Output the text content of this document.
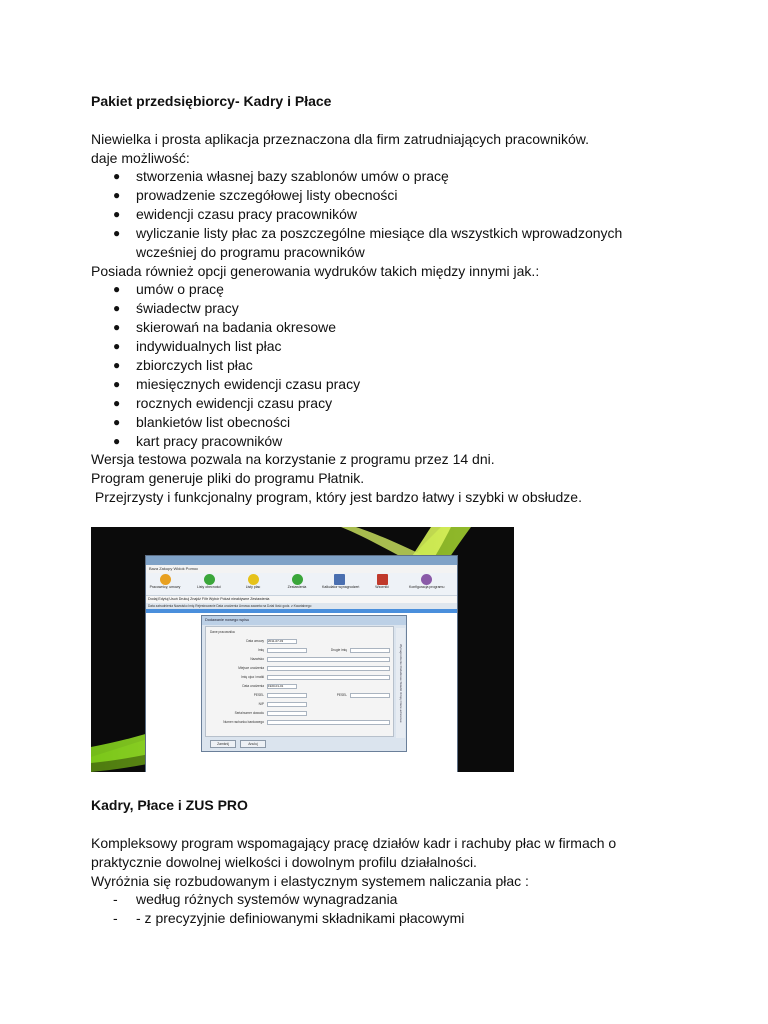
Pakiet przedsiębiorcy- Kadry i Płace
Niewielka i prosta aplikacja przeznaczona dla firm zatrudniających pracowników.
daje możliwość:
● stworzenia własnej bazy szablonów umów o pracę
● prowadzenie szczegółowej listy obecności
● ewidencji czasu pracy pracowników
● wyliczanie listy płac za poszczególne miesiące dla wszystkich wprowadzonych
wcześniej do programu pracowników
Posiada również opcji generowania wydruków takich między innymi jak.:
● umów o pracę
● świadectw pracy
● skierowań na badania okresowe
● indywidualnych list płac
● zbiorczych list płac
● miesięcznych ewidencji czasu pracy
● rocznych ewidencji czasu pracy
● blankietów list obecności
● kart pracy pracowników
Wersja testowa pozwala na korzystanie z programu przez 14 dni.
Program generuje pliki do programu Płatnik.
Przejrzysty i funkcjonalny program, który jest bardzo łatwy i szybki w obsłudze.
Baza Zakupy Widok Pomoc
Pracownicy, umowy	Listy obecności	Listy płac	Zestawienia	Kalkulator wynagrodzeń	Wzorniki	Konfiguracja programu
Dodaj Edytuj Usuń Drukuj Znajdź Filtr Wybór Pokaż nieaktywne Zestawienia
Data zatrudnienia Nazwisko Imię Rejestrowanie Data urodzenia Umowa zawarta na Dział Ilość godz. z Kwartalnego
Dodawanie nowego wpisu
Dane pracownika
Data umowy	2011-07-03
Imię	Drugie imię
Nazwisko
Miejsce urodzenia
Imię ojca i matki
Data urodzenia	1920-01-01
PESEL	PESEL
NIP
Seria/numer dowodu
Numer rachunku bankowego	Wynagrodzenie Dodatkowe Składki Urlopy Dane adresowe
Zamknij	Anuluj
Kadry, Płace i ZUS PRO
Kompleksowy program wspomagający pracę działów kadr i rachuby płac w firmach o
praktycznie dowolnej wielkości i dowolnym profilu działalności.
Wyróżnia się rozbudowanym i elastycznym systemem naliczania płac :
- według różnych systemów wynagradzania
- - z precyzyjnie definiowanymi składnikami płacowymi
